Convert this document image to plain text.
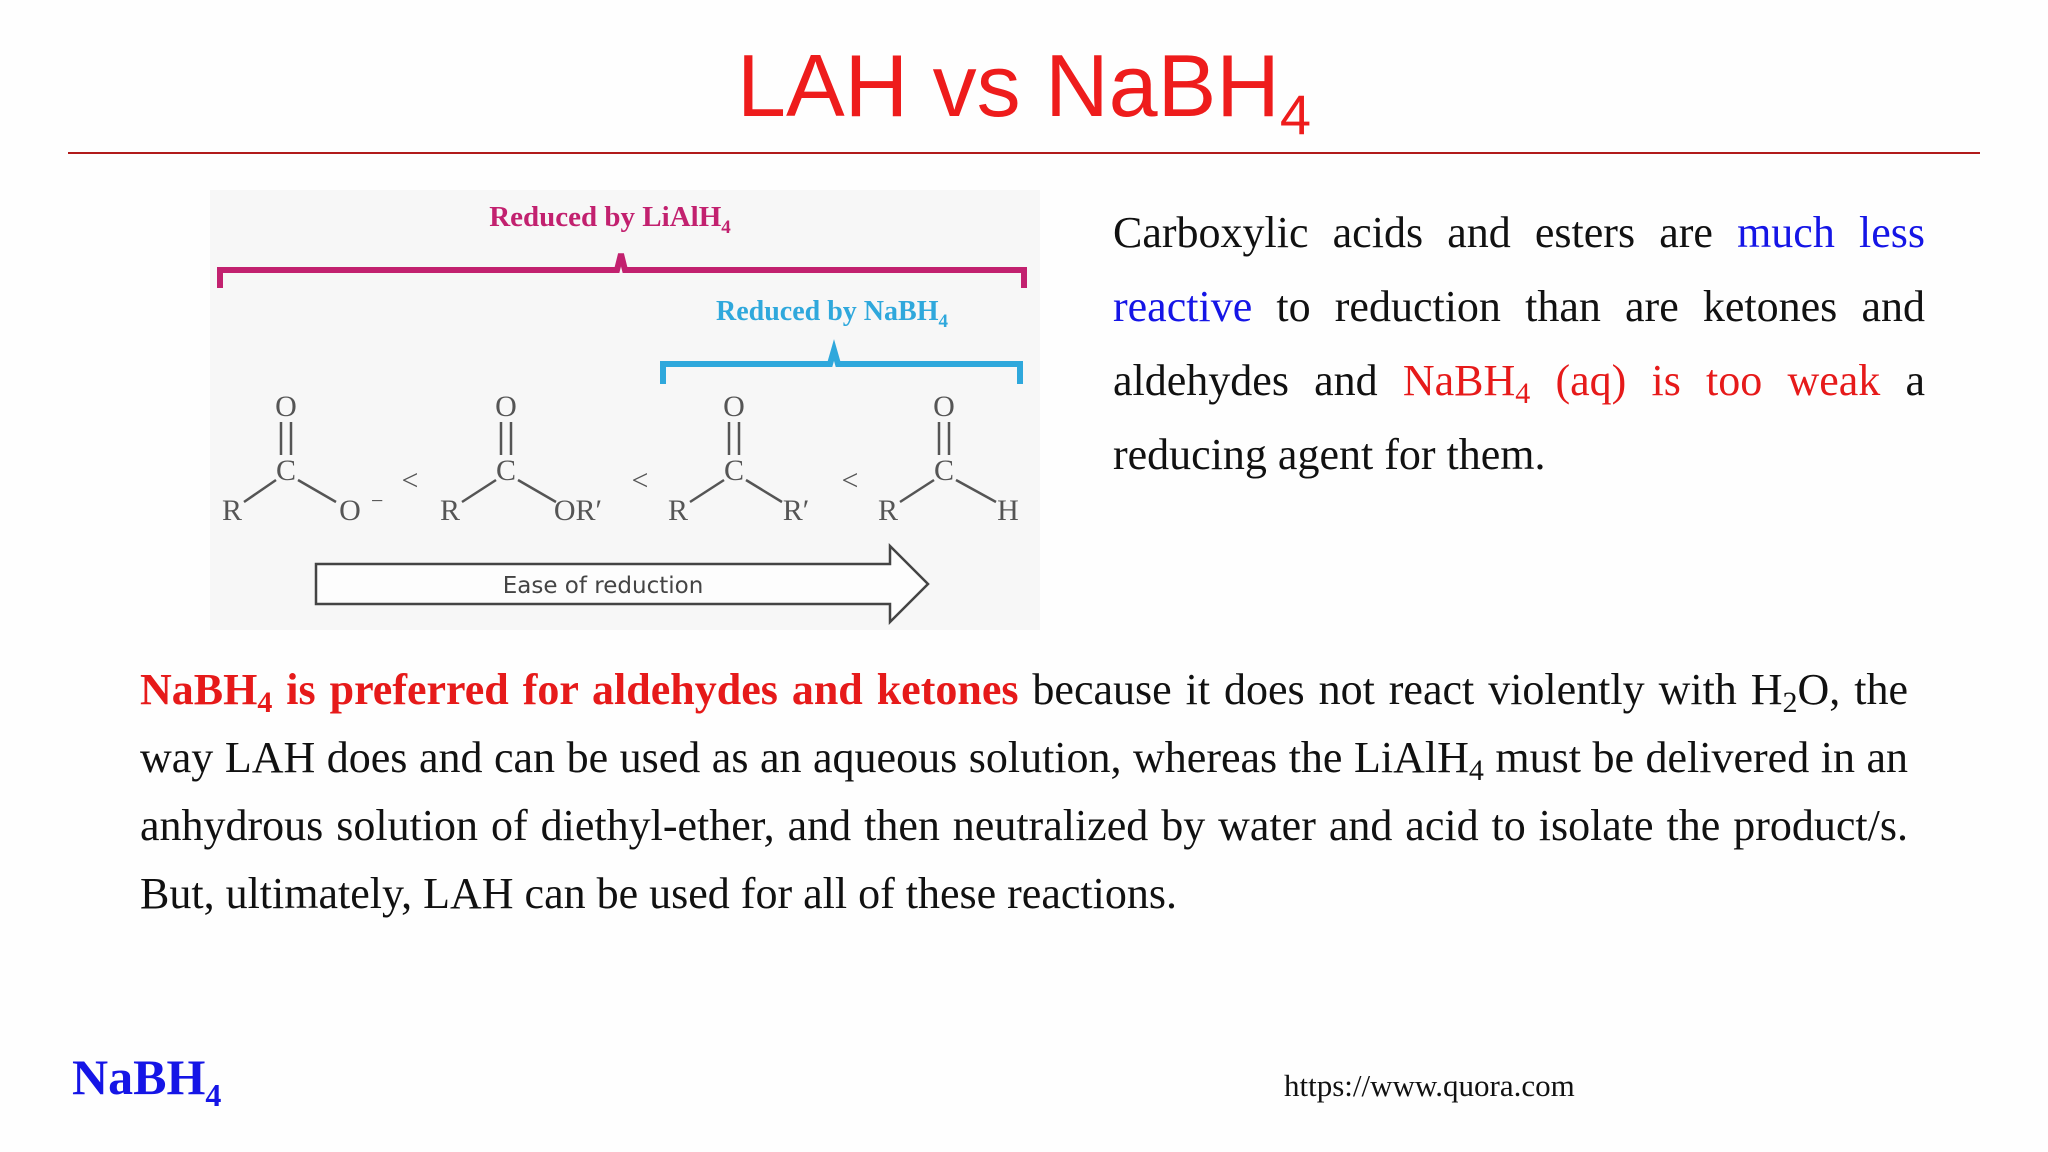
LAH vs NaBH$_4$
Reduced by LiAlH$_4$
Reduced by NaBH$_4$
O
C
R	O −
<
O
C
R	OR′
<
O
C
R	R′
<
O
C
R	H
Ease of reduction
Carboxylic acids and esters are much less reactive to reduction than are ketones and aldehydes and NaBH$_4$ (aq) is too weak a reducing agent for them.
NaBH$_4$ is preferred for aldehydes and ketones because it does not react violently with $H_2O$, the way LAH does and can be used as an aqueous solution, whereas the LiAlH$_4$ must be delivered in an anhydrous solution of diethyl-ether, and then neutralized by water and acid to isolate the product/s. But, ultimately, LAH can be used for all of these reactions.
NaBH$_4$	https://www.quora.com
